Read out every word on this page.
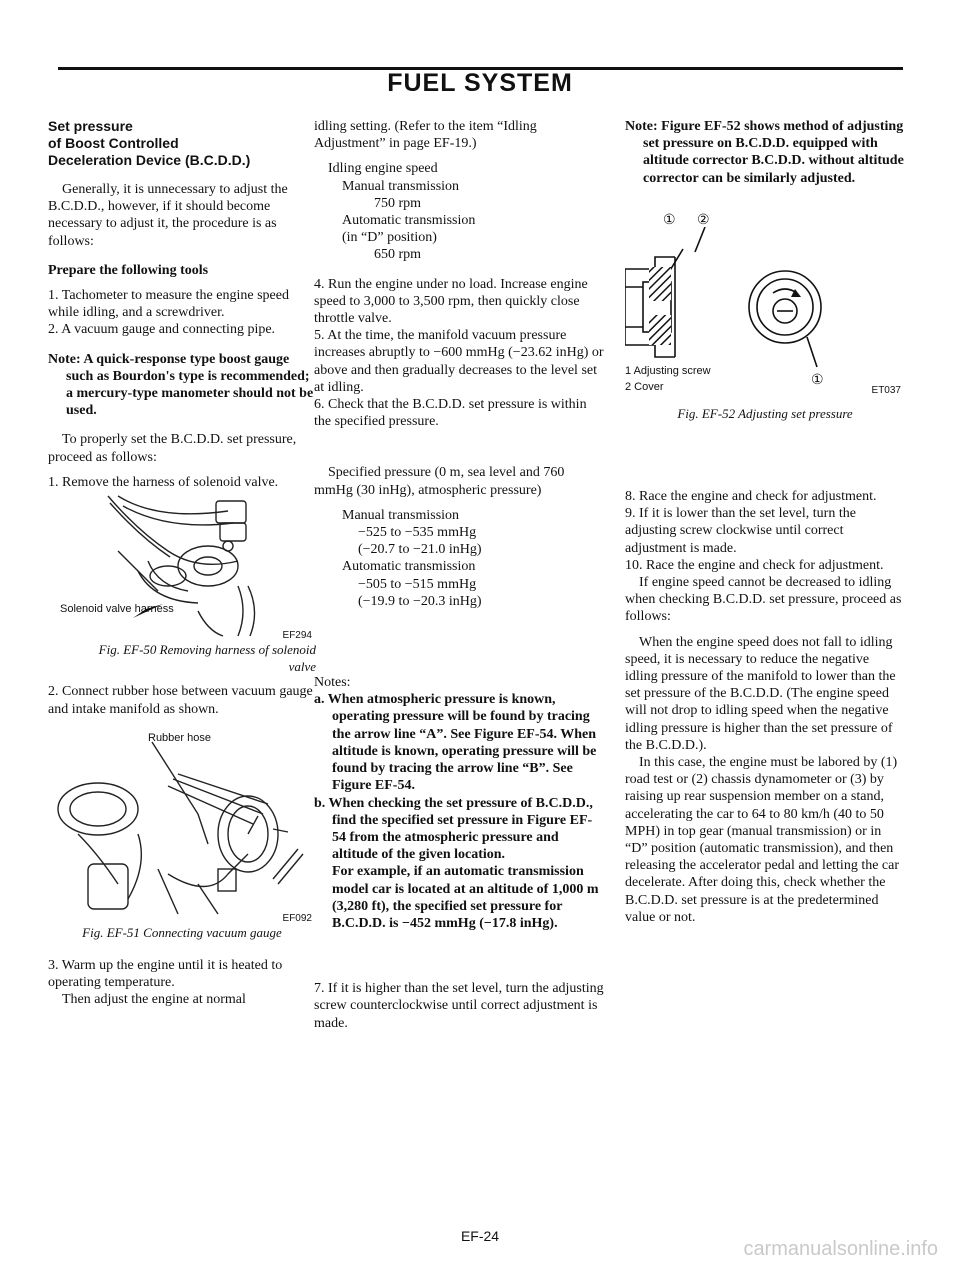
FUEL SYSTEM
Set pressure
of Boost Controlled
Deceleration Device (B.C.D.D.)

Generally, it is unnecessary to adjust the B.C.D.D., however, if it should become necessary to adjust it, the procedure is as follows:

Prepare the following tools

1. Tachometer to measure the engine speed while idling, and a screwdriver.

2. A vacuum gauge and connecting pipe.

Note: A quick-response type boost gauge such as Bourdon's type is recommended; a mercury-type manometer should not be used.

To properly set the B.C.D.D. set pressure, proceed as follows:

1. Remove the harness of solenoid valve.

Solenoid valve harness
EF294

Fig. EF-50 Removing harness of solenoid valve

2. Connect rubber hose between vacuum gauge and intake manifold as shown.

Rubber hose
EF092

Fig. EF-51 Connecting vacuum gauge

3. Warm up the engine until it is heated to operating temperature.

Then adjust the engine at normal

idling setting. (Refer to the item “Idling Adjustment” in page EF-19.)

Idling engine speed

Manual transmission

750 rpm

Automatic transmission

(in “D” position)

650 rpm

4. Run the engine under no load. Increase engine speed to 3,000 to 3,500 rpm, then quickly close throttle valve.

5. At the time, the manifold vacuum pressure increases abruptly to −600 mmHg (−23.62 inHg) or above and then gradually decreases to the level set at idling.

6. Check that the B.C.D.D. set pressure is within the specified pressure.

Specified pressure (0 m, sea level and 760 mmHg (30 inHg), atmospheric pressure)

Manual transmission

−525 to −535 mmHg

(−20.7 to −21.0 inHg)

Automatic transmission

−505 to −515 mmHg

(−19.9 to −20.3 inHg)

Notes:

a. When atmospheric pressure is known, operating pressure will be found by tracing the arrow line “A”. See Figure EF-54. When altitude is known, operating pressure will be found by tracing the arrow line “B”. See Figure EF-54.

b. When checking the set pressure of B.C.D.D., find the specified set pressure in Figure EF-54 from the atmospheric pressure and altitude of the given location.

For example, if an automatic transmission model car is located at an altitude of 1,000 m (3,280 ft), the specified set pressure for B.C.D.D. is −452 mmHg (−17.8 inHg).

7. If it is higher than the set level, turn the adjusting screw counterclockwise until correct adjustment is made.

Note: Figure EF-52 shows method of adjusting set pressure on B.C.D.D. equipped with altitude corrector B.C.D.D. without altitude corrector can be similarly adjusted.

① ②
①
1 Adjusting screw
2 Cover	ET037

Fig. EF-52 Adjusting set pressure

8. Race the engine and check for adjustment.

9. If it is lower than the set level, turn the adjusting screw clockwise until correct adjustment is made.

10. Race the engine and check for adjustment.

If engine speed cannot be decreased to idling when checking B.C.D.D. set pressure, proceed as follows:

When the engine speed does not fall to idling speed, it is necessary to reduce the negative idling pressure of the manifold to lower than the set pressure of the B.C.D.D. (The engine speed will not drop to idling speed when the negative idling pressure is higher than the set pressure of the B.C.D.D.).

In this case, the engine must be labored by (1) road test or (2) chassis dynamometer or (3) by raising up rear suspension member on a stand, accelerating the car to 64 to 80 km/h (40 to 50 MPH) in top gear (manual transmission) or in “D” position (automatic transmission), and then releasing the accelerator pedal and letting the car decelerate. After doing this, check whether the B.C.D.D. set pressure is at the predetermined value or not.

EF-24
carmanualsonline.info
